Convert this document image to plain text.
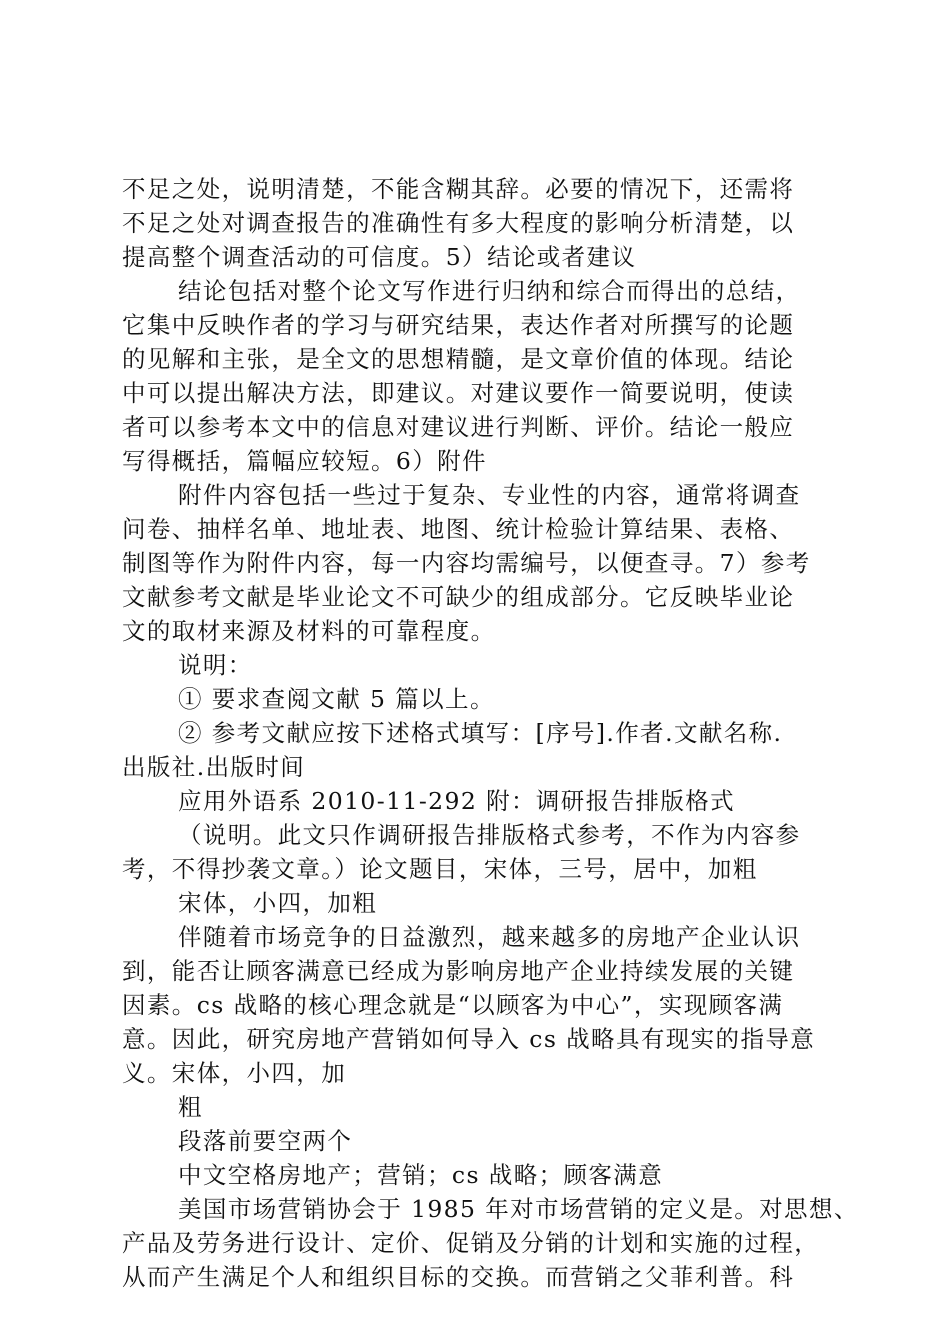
不足之处，说明清楚，不能含糊其辞。必要的情况下，还需将
不足之处对调查报告的准确性有多大程度的影响分析清楚，以
提高整个调查活动的可信度。5）结论或者建议
结论包括对整个论文写作进行归纳和综合而得出的总结，
它集中反映作者的学习与研究结果，表达作者对所撰写的论题
的见解和主张，是全文的思想精髓，是文章价值的体现。结论
中可以提出解决方法，即建议。对建议要作一简要说明，使读
者可以参考本文中的信息对建议进行判断、评价。结论一般应
写得概括，篇幅应较短。6）附件
附件内容包括一些过于复杂、专业性的内容，通常将调查
问卷、抽样名单、地址表、地图、统计检验计算结果、表格、
制图等作为附件内容，每一内容均需编号，以便查寻。7）参考
文献参考文献是毕业论文不可缺少的组成部分。它反映毕业论
文的取材来源及材料的可靠程度。
说明：
① 要求查阅文献 5 篇以上。
② 参考文献应按下述格式填写：[序号].作者.文献名称.
出版社.出版时间
应用外语系 2010-11-292 附：调研报告排版格式
（说明。此文只作调研报告排版格式参考，不作为内容参
考，不得抄袭文章。）论文题目，宋体，三号，居中，加粗
宋体，小四，加粗
伴随着市场竞争的日益激烈，越来越多的房地产企业认识
到，能否让顾客满意已经成为影响房地产企业持续发展的关键
因素。cs 战略的核心理念就是“以顾客为中心”，实现顾客满
意。因此，研究房地产营销如何导入 cs 战略具有现实的指导意
义。宋体，小四，加
粗
段落前要空两个
中文空格房地产；营销；cs 战略；顾客满意
美国市场营销协会于 1985 年对市场营销的定义是。对思想、
产品及劳务进行设计、定价、促销及分销的计划和实施的过程，
从而产生满足个人和组织目标的交换。而营销之父菲利普。科
